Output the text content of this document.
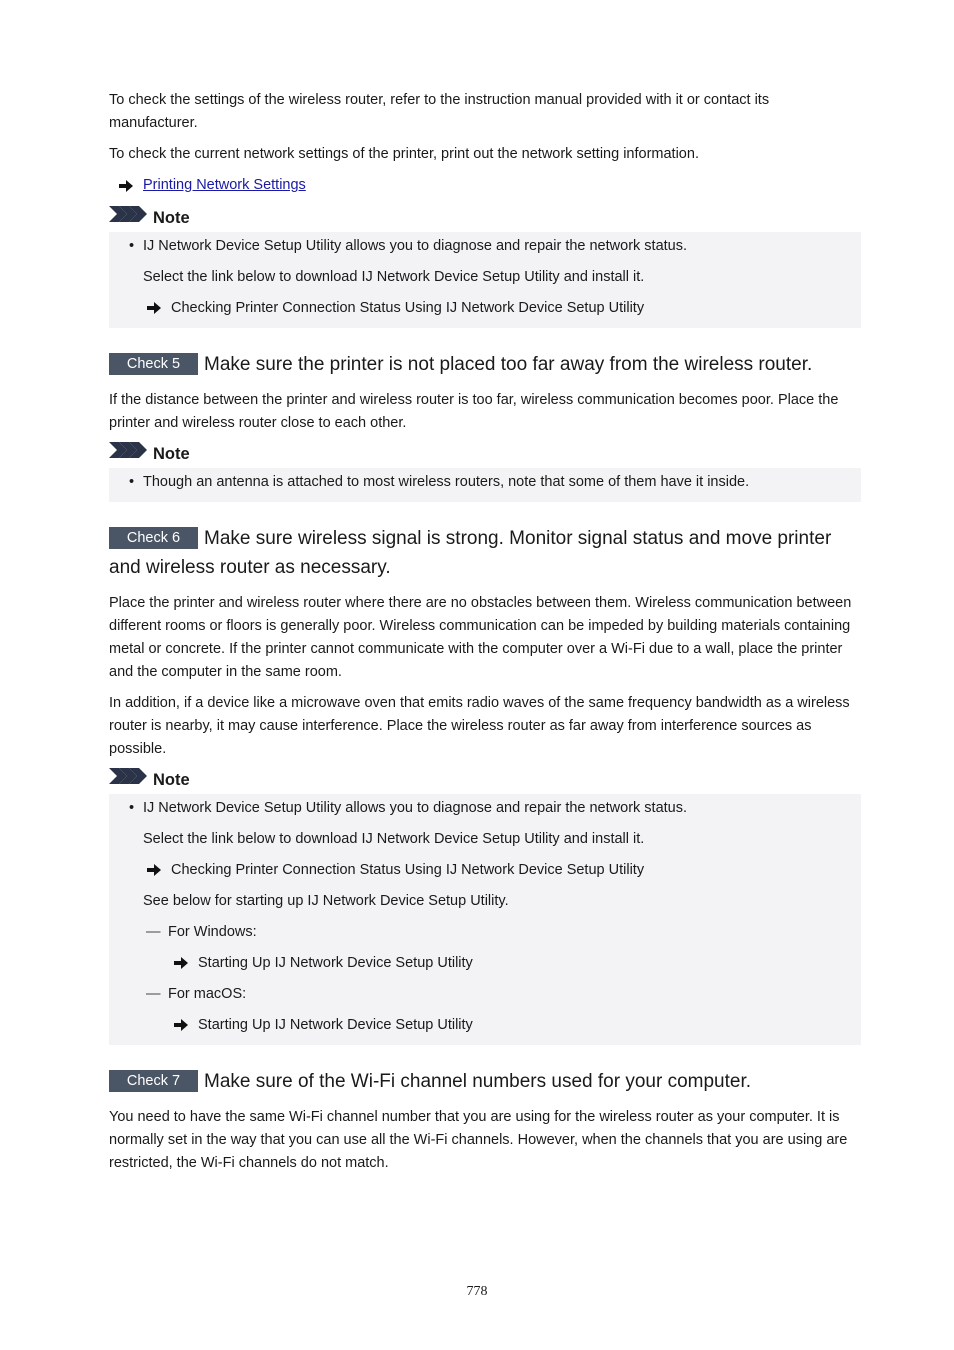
To check the settings of the wireless router, refer to the instruction manual provided with it or contact its manufacturer.

To check the current network settings of the printer, print out the network setting information.

Printing Network Settings
Note
• IJ Network Device Setup Utility allows you to diagnose and repair the network status.
Select the link below to download IJ Network Device Setup Utility and install it.
Checking Printer Connection Status Using IJ Network Device Setup Utility
Check 5 Make sure the printer is not placed too far away from the wireless router.

If the distance between the printer and wireless router is too far, wireless communication becomes poor. Place the printer and wireless router close to each other.

Note
• Though an antenna is attached to most wireless routers, note that some of them have it inside.
Check 6 Make sure wireless signal is strong. Monitor signal status and move printer and wireless router as necessary.

Place the printer and wireless router where there are no obstacles between them. Wireless communication between different rooms or floors is generally poor. Wireless communication can be impeded by building materials containing metal or concrete. If the printer cannot communicate with the computer over a Wi-Fi due to a wall, place the printer and the computer in the same room.

In addition, if a device like a microwave oven that emits radio waves of the same frequency bandwidth as a wireless router is nearby, it may cause interference. Place the wireless router as far away from interference sources as possible.

Note
• IJ Network Device Setup Utility allows you to diagnose and repair the network status.
Select the link below to download IJ Network Device Setup Utility and install it.
Checking Printer Connection Status Using IJ Network Device Setup Utility
See below for starting up IJ Network Device Setup Utility.
— For Windows:
Starting Up IJ Network Device Setup Utility
— For macOS:
Starting Up IJ Network Device Setup Utility
Check 7 Make sure of the Wi-Fi channel numbers used for your computer.

You need to have the same Wi-Fi channel number that you are using for the wireless router as your computer. It is normally set in the way that you can use all the Wi-Fi channels. However, when the channels that you are using are restricted, the Wi-Fi channels do not match.

778
